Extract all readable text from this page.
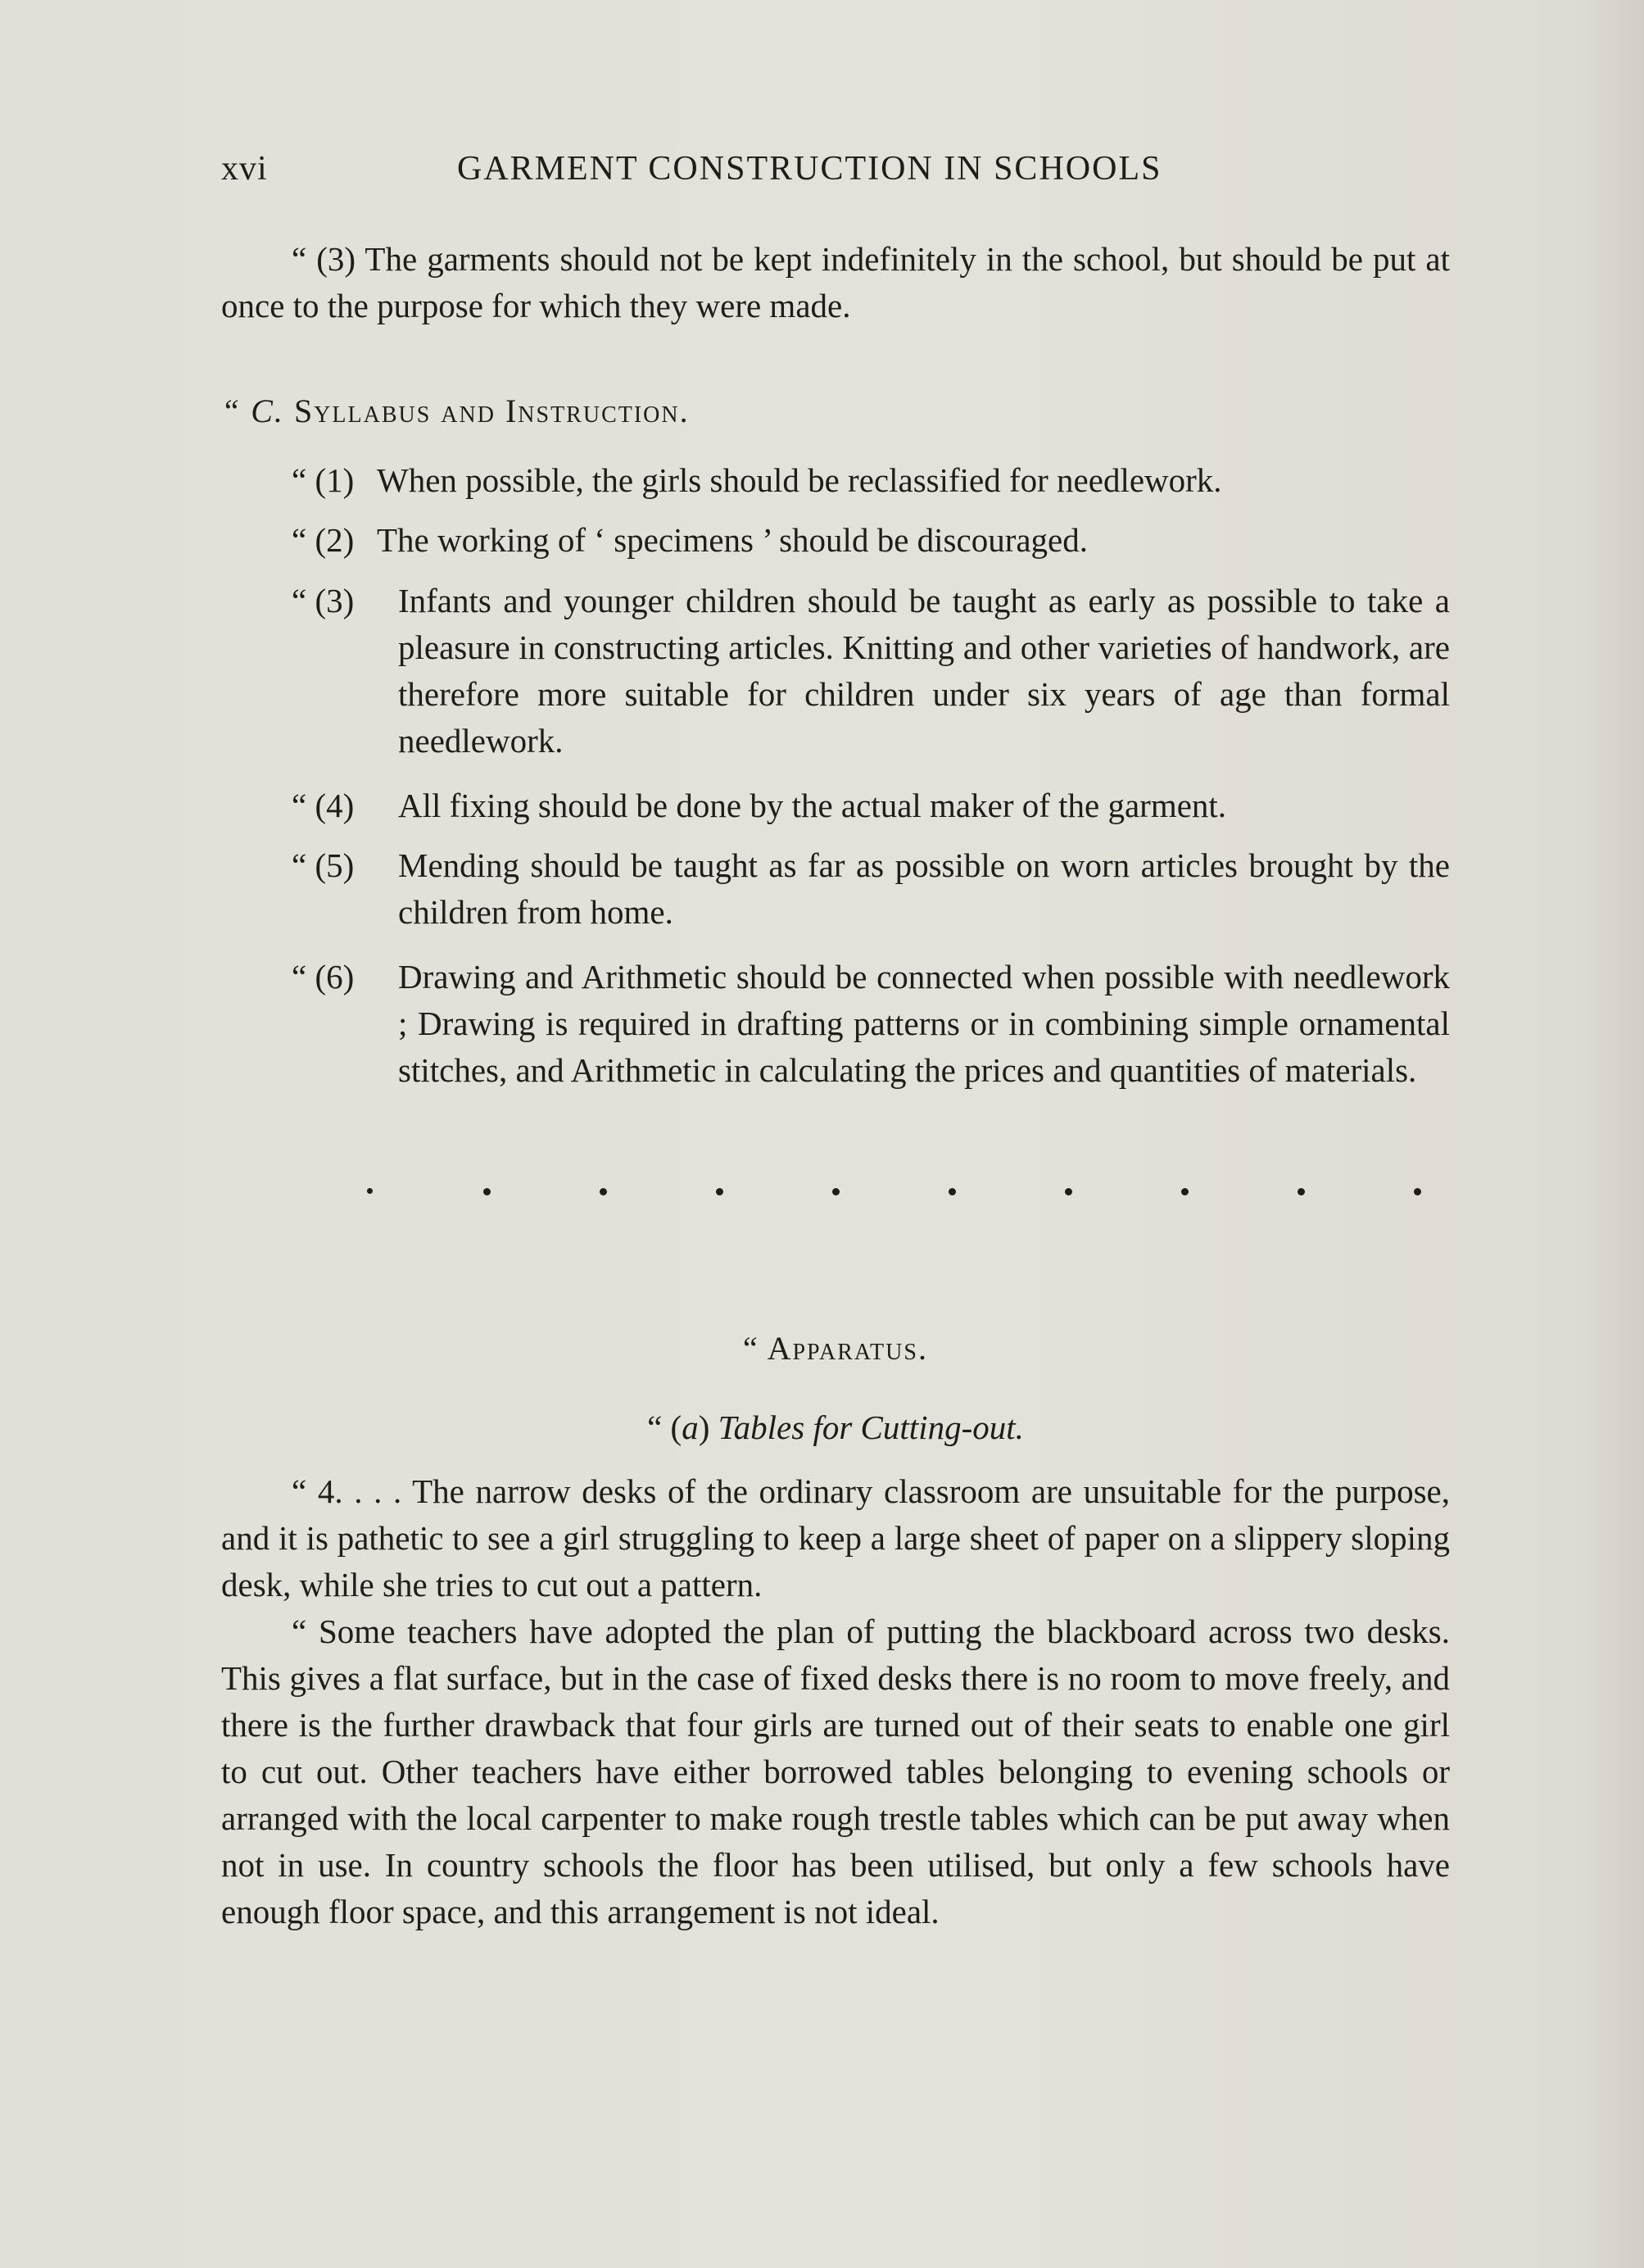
xvi	GARMENT CONSTRUCTION IN SCHOOLS
“ (3) The garments should not be kept indefinitely in the school, but should be put at once to the purpose for which they were made.
“ C. Syllabus and Instruction.
“ (1) When possible, the girls should be reclassified for needlework.
“ (2) The working of ‘ specimens ’ should be discouraged.
“ (3) Infants and younger children should be taught as early as possible to take a pleasure in constructing articles. Knitting and other varieties of handwork, are therefore more suitable for children under six years of age than formal needlework.
“ (4) All fixing should be done by the actual maker of the garment.
“ (5) Mending should be taught as far as possible on worn articles brought by the children from home.
“ (6) Drawing and Arithmetic should be connected when possible with needlework ; Drawing is required in drafting patterns or in combining simple ornamental stitches, and Arithmetic in calculating the prices and quantities of materials.
“ Apparatus.
“ (a) Tables for Cutting-out.

“ 4. . . . The narrow desks of the ordinary classroom are unsuitable for the purpose, and it is pathetic to see a girl struggling to keep a large sheet of paper on a slippery sloping desk, while she tries to cut out a pattern.

“ Some teachers have adopted the plan of putting the blackboard across two desks. This gives a flat surface, but in the case of fixed desks there is no room to move freely, and there is the further drawback that four girls are turned out of their seats to enable one girl to cut out. Other teachers have either borrowed tables belonging to evening schools or arranged with the local carpenter to make rough trestle tables which can be put away when not in use. In country schools the floor has been utilised, but only a few schools have enough floor space, and this arrangement is not ideal.
